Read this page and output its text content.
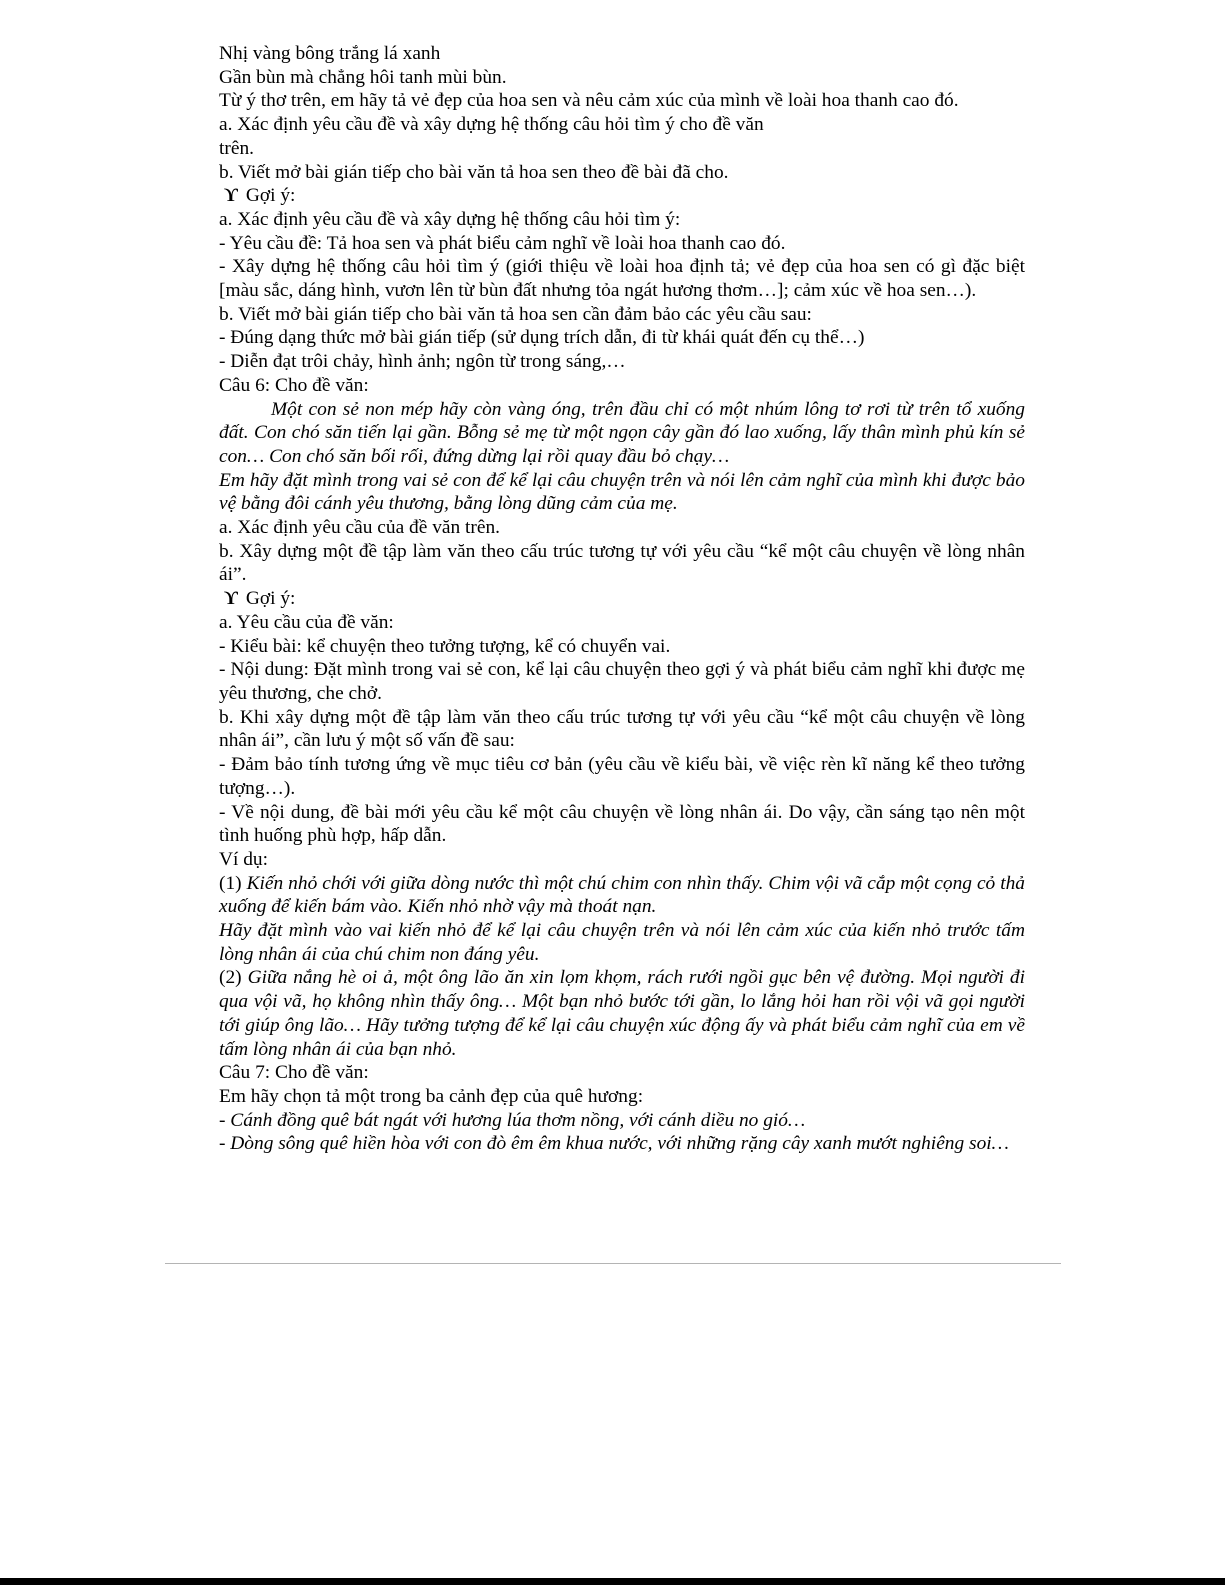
Nhị vàng bông trắng lá xanh
Gần bùn mà chẳng hôi tanh mùi bùn.
Từ ý thơ trên, em hãy tả vẻ đẹp của hoa sen và nêu cảm xúc của mình về loài hoa thanh cao đó.
a. Xác định yêu cầu đề và xây dựng hệ thống câu hỏi tìm ý cho đề văn
trên.
b. Viết mở bài gián tiếp cho bài văn tả hoa sen theo đề bài đã cho.
ϒ Gợi ý:
a. Xác định yêu cầu đề và xây dựng hệ thống câu hỏi tìm ý:
- Yêu cầu đề: Tả hoa sen và phát biểu cảm nghĩ về loài hoa thanh cao đó.
- Xây dựng hệ thống câu hỏi tìm ý (giới thiệu về loài hoa định tả; vẻ đẹp của hoa sen có gì đặc biệt [màu sắc, dáng hình, vươn lên từ bùn đất nhưng tỏa ngát hương thơm…]; cảm xúc về hoa sen…).
b. Viết mở bài gián tiếp cho bài văn tả hoa sen cần đảm bảo các yêu cầu sau:
- Đúng dạng thức mở bài gián tiếp (sử dụng trích dẫn, đi từ khái quát đến cụ thể…)
- Diễn đạt trôi chảy, hình ảnh; ngôn từ trong sáng,…
Câu 6: Cho đề văn:
Một con sẻ non mép hãy còn vàng óng, trên đầu chỉ có một nhúm lông tơ rơi từ trên tổ xuống đất. Con chó săn tiến lại gần. Bỗng sẻ mẹ từ một ngọn cây gần đó lao xuống, lấy thân mình phủ kín sẻ con… Con chó săn bối rối, đứng dừng lại rồi quay đầu bỏ chạy…
Em hãy đặt mình trong vai sẻ con để kể lại câu chuyện trên và nói lên cảm nghĩ của mình khi được bảo vệ bằng đôi cánh yêu thương, bằng lòng dũng cảm của mẹ.
a. Xác định yêu cầu của đề văn trên.
b. Xây dựng một đề tập làm văn theo cấu trúc tương tự với yêu cầu “kể một câu chuyện về lòng nhân ái”.
ϒ Gợi ý:
a. Yêu cầu của đề văn:
- Kiểu bài: kể chuyện theo tưởng tượng, kể có chuyển vai.
- Nội dung: Đặt mình trong vai sẻ con, kể lại câu chuyện theo gợi ý và phát biểu cảm nghĩ khi được mẹ yêu thương, che chở.
b. Khi xây dựng một đề tập làm văn theo cấu trúc tương tự với yêu cầu “kể một câu chuyện về lòng nhân ái”, cần lưu ý một số vấn đề sau:
- Đảm bảo tính tương ứng về mục tiêu cơ bản (yêu cầu về kiểu bài, về việc rèn kĩ năng kể theo tưởng tượng…).
- Về nội dung, đề bài mới yêu cầu kể một câu chuyện về lòng nhân ái. Do vậy, cần sáng tạo nên một tình huống phù hợp, hấp dẫn.
Ví dụ:
(1) Kiến nhỏ chới với giữa dòng nước thì một chú chim con nhìn thấy. Chim vội vã cắp một cọng cỏ thả xuống để kiến bám vào. Kiến nhỏ nhờ vậy mà thoát nạn.
Hãy đặt mình vào vai kiến nhỏ để kể lại câu chuyện trên và nói lên cảm xúc của kiến nhỏ trước tấm lòng nhân ái của chú chim non đáng yêu.
(2) Giữa nắng hè oi ả, một ông lão ăn xin lọm khọm, rách rưới ngồi gục bên vệ đường. Mọi người đi qua vội vã, họ không nhìn thấy ông… Một bạn nhỏ bước tới gần, lo lắng hỏi han rồi vội vã gọi người tới giúp ông lão… Hãy tưởng tượng để kể lại câu chuyện xúc động ấy và phát biểu cảm nghĩ của em về tấm lòng nhân ái của bạn nhỏ.
Câu 7: Cho đề văn:
Em hãy chọn tả một trong ba cảnh đẹp của quê hương:
- Cánh đồng quê bát ngát với hương lúa thơm nồng, với cánh diều no gió…
- Dòng sông quê hiền hòa với con đò êm êm khua nước, với những rặng cây xanh mướt nghiêng soi…
